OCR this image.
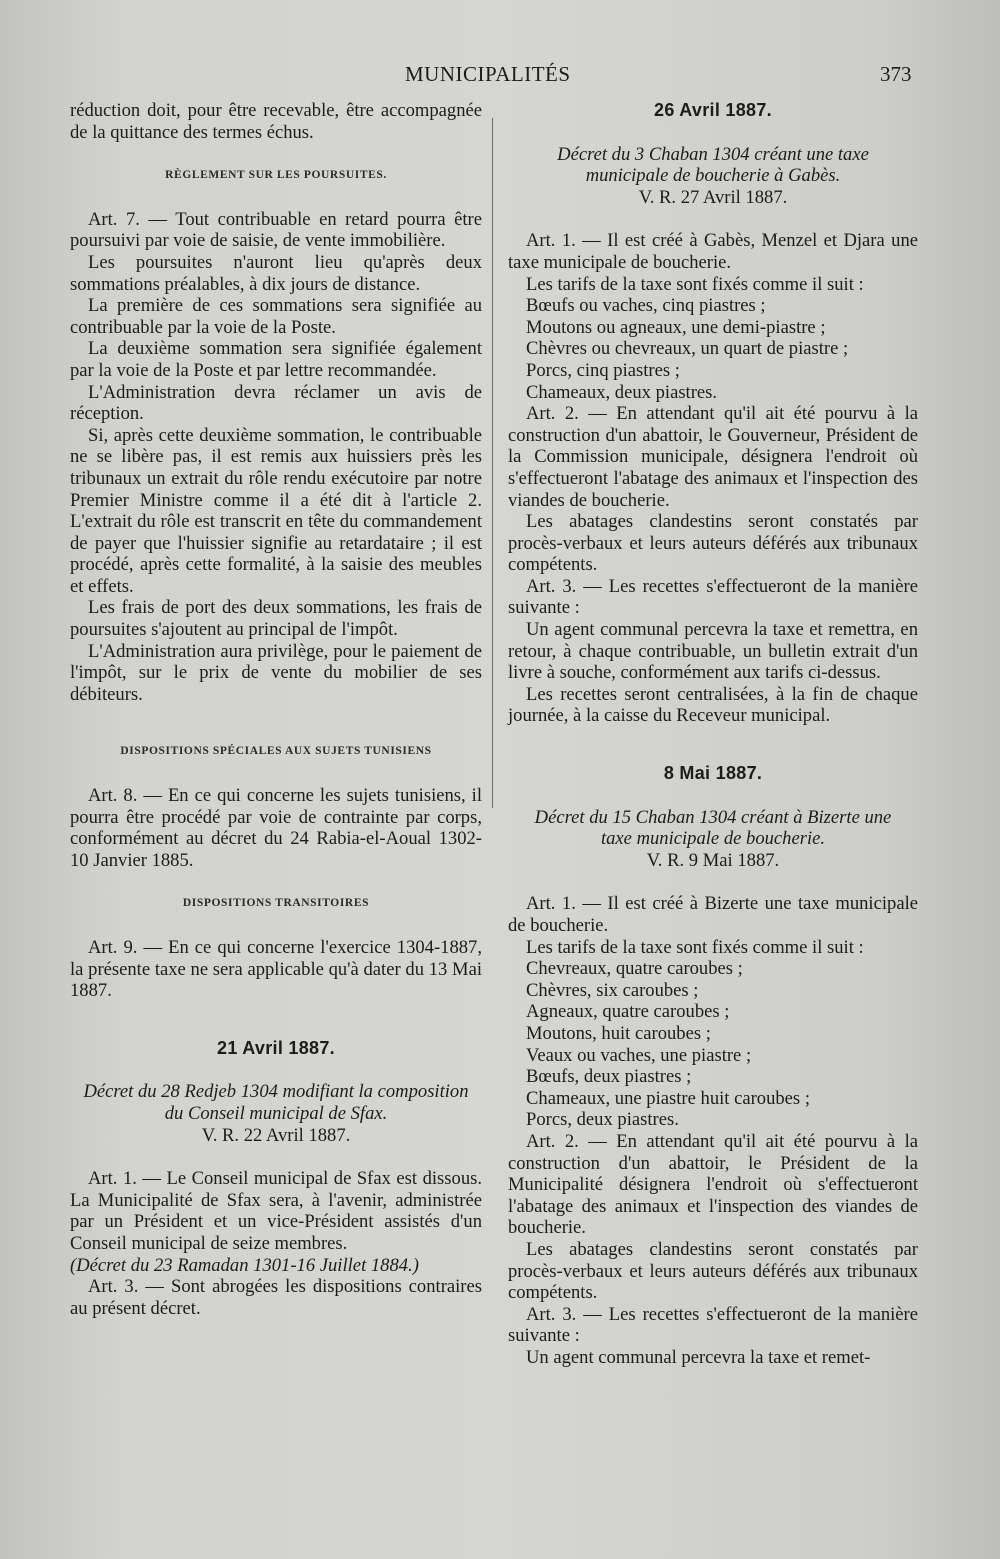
MUNICIPALITÉS	373

réduction doit, pour être recevable, être accompagnée de la quittance des termes échus.

RÈGLEMENT SUR LES POURSUITES.

Art. 7. — Tout contribuable en retard pourra être poursuivi par voie de saisie, de vente immobilière.

Les poursuites n'auront lieu qu'après deux sommations préalables, à dix jours de distance.

La première de ces sommations sera signifiée au contribuable par la voie de la Poste.

La deuxième sommation sera signifiée également par la voie de la Poste et par lettre recommandée.

L'Administration devra réclamer un avis de réception.

Si, après cette deuxième sommation, le contribuable ne se libère pas, il est remis aux huissiers près les tribunaux un extrait du rôle rendu exécutoire par notre Premier Ministre comme il a été dit à l'article 2. L'extrait du rôle est transcrit en tête du commandement de payer que l'huissier signifie au retardataire ; il est procédé, après cette formalité, à la saisie des meubles et effets.

Les frais de port des deux sommations, les frais de poursuites s'ajoutent au principal de l'impôt.

L'Administration aura privilège, pour le paiement de l'impôt, sur le prix de vente du mobilier de ses débiteurs.

DISPOSITIONS SPÉCIALES AUX SUJETS TUNISIENS

Art. 8. — En ce qui concerne les sujets tunisiens, il pourra être procédé par voie de contrainte par corps, conformément au décret du 24 Rabia-el-Aoual 1302-10 Janvier 1885.

DISPOSITIONS TRANSITOIRES

Art. 9. — En ce qui concerne l'exercice 1304-1887, la présente taxe ne sera applicable qu'à dater du 13 Mai 1887.

21 Avril 1887.

Décret du 28 Redjeb 1304 modifiant la composition du Conseil municipal de Sfax.

V. R. 22 Avril 1887.

Art. 1. — Le Conseil municipal de Sfax est dissous. La Municipalité de Sfax sera, à l'avenir, administrée par un Président et un vice-Président assistés d'un Conseil municipal de seize membres.

(Décret du 23 Ramadan 1301-16 Juillet 1884.)

Art. 3. — Sont abrogées les dispositions contraires au présent décret.

26 Avril 1887.

Décret du 3 Chaban 1304 créant une taxe municipale de boucherie à Gabès.

V. R. 27 Avril 1887.

Art. 1. — Il est créé à Gabès, Menzel et Djara une taxe municipale de boucherie.

Les tarifs de la taxe sont fixés comme il suit :

Bœufs ou vaches, cinq piastres ;

Moutons ou agneaux, une demi-piastre ;

Chèvres ou chevreaux, un quart de piastre ;

Porcs, cinq piastres ;

Chameaux, deux piastres.

Art. 2. — En attendant qu'il ait été pourvu à la construction d'un abattoir, le Gouverneur, Président de la Commission municipale, désignera l'endroit où s'effectueront l'abatage des animaux et l'inspection des viandes de boucherie.

Les abatages clandestins seront constatés par procès-verbaux et leurs auteurs déférés aux tribunaux compétents.

Art. 3. — Les recettes s'effectueront de la manière suivante :

Un agent communal percevra la taxe et remettra, en retour, à chaque contribuable, un bulletin extrait d'un livre à souche, conformément aux tarifs ci-dessus.

Les recettes seront centralisées, à la fin de chaque journée, à la caisse du Receveur municipal.

8 Mai 1887.

Décret du 15 Chaban 1304 créant à Bizerte une taxe municipale de boucherie.

V. R. 9 Mai 1887.

Art. 1. — Il est créé à Bizerte une taxe municipale de boucherie.

Les tarifs de la taxe sont fixés comme il suit :

Chevreaux, quatre caroubes ;

Chèvres, six caroubes ;

Agneaux, quatre caroubes ;

Moutons, huit caroubes ;

Veaux ou vaches, une piastre ;

Bœufs, deux piastres ;

Chameaux, une piastre huit caroubes ;

Porcs, deux piastres.

Art. 2. — En attendant qu'il ait été pourvu à la construction d'un abattoir, le Président de la Municipalité désignera l'endroit où s'effectueront l'abatage des animaux et l'inspection des viandes de boucherie.

Les abatages clandestins seront constatés par procès-verbaux et leurs auteurs déférés aux tribunaux compétents.

Art. 3. — Les recettes s'effectueront de la manière suivante :

Un agent communal percevra la taxe et remet-
